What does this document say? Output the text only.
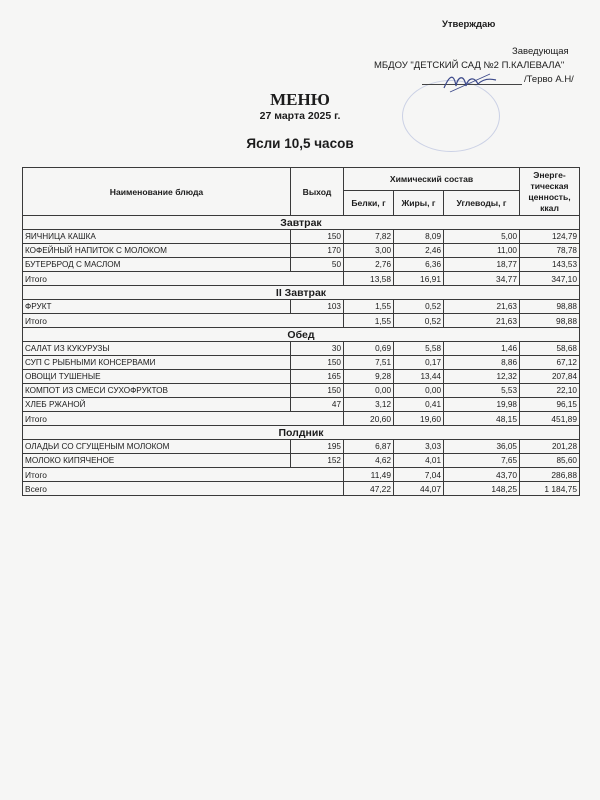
Утверждаю
Заведующая
МБДОУ "ДЕТСКИЙ САД №2 П.КАЛЕВАЛА"
/Терво А.Н/
МЕНЮ
27 марта 2025 г.
Ясли 10,5 часов
Наименование блюда	Выход	Химический состав			Энерге-тическая ценность, ккал
		Белки, г	Жиры, г	Углеводы, г	
Завтрак					
ЯИЧНИЦА КАШКА	150	7,82	8,09	5,00	124,79
КОФЕЙНЫЙ НАПИТОК С МОЛОКОМ	170	3,00	2,46	11,00	78,78
БУТЕРБРОД С МАСЛОМ	50	2,76	6,36	18,77	143,53
Итого		13,58	16,91	34,77	347,10
II Завтрак					
ФРУКТ	103	1,55	0,52	21,63	98,88
Итого		1,55	0,52	21,63	98,88
Обед					
САЛАТ ИЗ КУКУРУЗЫ	30	0,69	5,58	1,46	58,68
СУП С РЫБНЫМИ КОНСЕРВАМИ	150	7,51	0,17	8,86	67,12
ОВОЩИ ТУШЕНЫЕ	165	9,28	13,44	12,32	207,84
КОМПОТ ИЗ СМЕСИ СУХОФРУКТОВ	150	0,00	0,00	5,53	22,10
ХЛЕБ РЖАНОЙ	47	3,12	0,41	19,98	96,15
Итого		20,60	19,60	48,15	451,89
Полдник					
ОЛАДЬИ СО СГУЩЕНЫМ МОЛОКОМ	195	6,87	3,03	36,05	201,28
МОЛОКО КИПЯЧЕНОЕ	152	4,62	4,01	7,65	85,60
Итого		11,49	7,04	43,70	286,88
Всего		47,22	44,07	148,25	1 184,75
